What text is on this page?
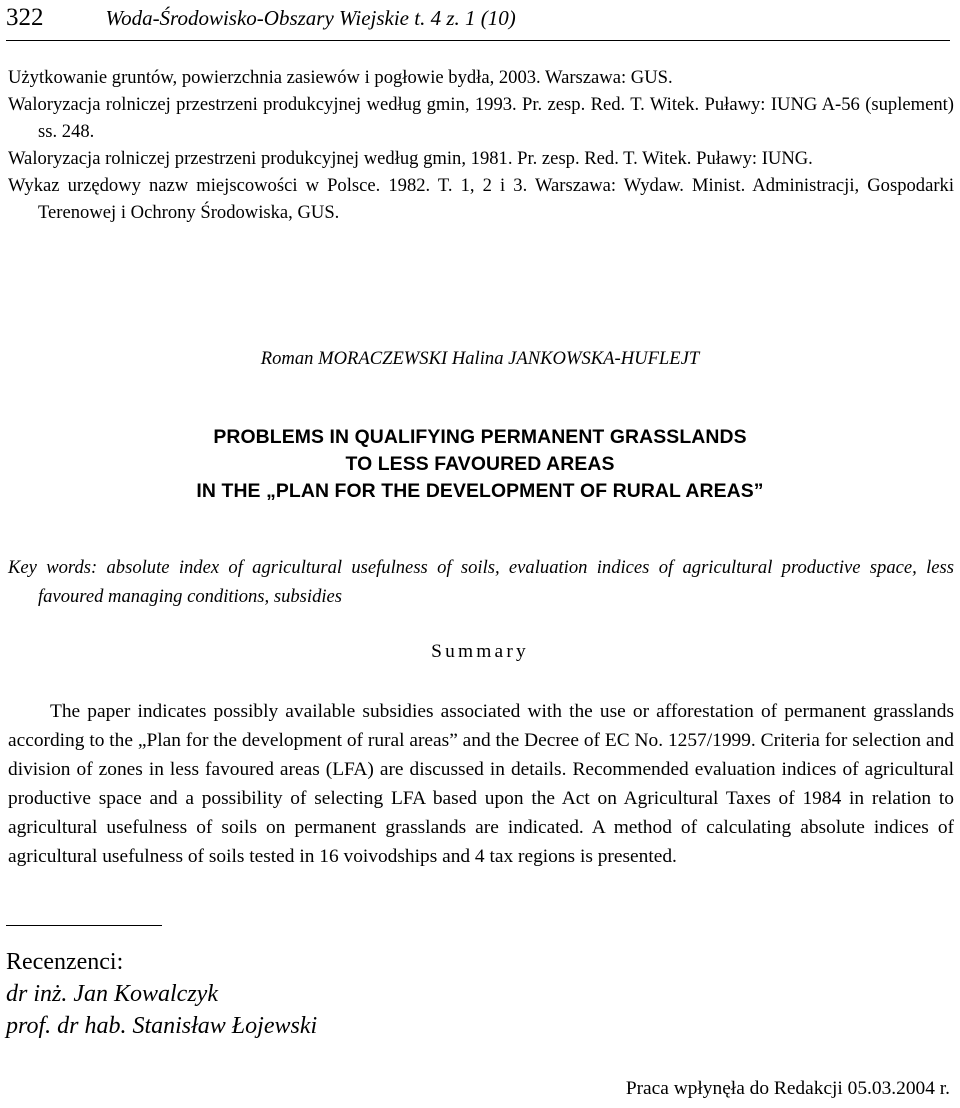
322	Woda-Środowisko-Obszary Wiejskie t. 4 z. 1 (10)
Użytkowanie gruntów, powierzchnia zasiewów i pogłowie bydła, 2003. Warszawa: GUS.
Waloryzacja rolniczej przestrzeni produkcyjnej według gmin, 1993. Pr. zesp. Red. T. Witek. Puławy: IUNG A-56 (suplement) ss. 248.
Waloryzacja rolniczej przestrzeni produkcyjnej według gmin, 1981. Pr. zesp. Red. T. Witek. Puławy: IUNG.
Wykaz urzędowy nazw miejscowości w Polsce. 1982. T. 1, 2 i 3. Warszawa: Wydaw. Minist. Administracji, Gospodarki Terenowej i Ochrony Środowiska, GUS.
Roman MORACZEWSKI Halina JANKOWSKA-HUFLEJT
PROBLEMS IN QUALIFYING PERMANENT GRASSLANDS
TO LESS FAVOURED AREAS
IN THE „PLAN FOR THE DEVELOPMENT OF RURAL AREAS”
Key words: absolute index of agricultural usefulness of soils, evaluation indices of agricultural productive space, less favoured managing conditions, subsidies
Summary
The paper indicates possibly available subsidies associated with the use or afforestation of permanent grasslands according to the „Plan for the development of rural areas” and the Decree of EC No. 1257/1999. Criteria for selection and division of zones in less favoured areas (LFA) are discussed in details. Recommended evaluation indices of agricultural productive space and a possibility of selecting LFA based upon the Act on Agricultural Taxes of 1984 in relation to agricultural usefulness of soils on permanent grasslands are indicated. A method of calculating absolute indices of agricultural usefulness of soils tested in 16 voivodships and 4 tax regions is presented.
Recenzenci:
dr inż. Jan Kowalczyk
prof. dr hab. Stanisław Łojewski
Praca wpłynęła do Redakcji 05.03.2004 r.
